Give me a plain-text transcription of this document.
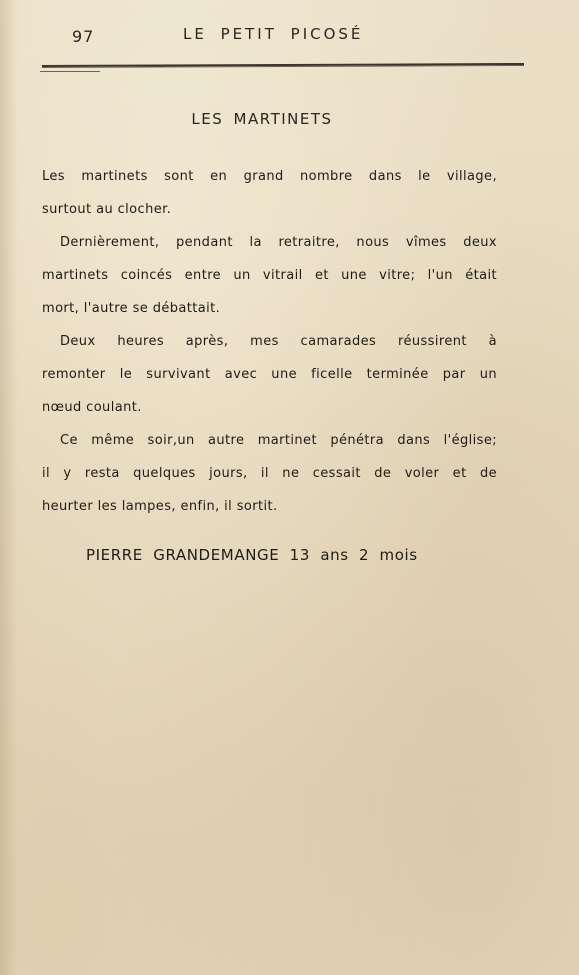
97	LE PETIT PICOSÉ
LES MARTINETS
Les martinets sont en grand nombre dans le village,
surtout au clocher.
Dernièrement, pendant la retraitre, nous vîmes deux
martinets coincés entre un vitrail et une vitre; l'un était
mort, l'autre se débattait.
Deux heures après, mes camarades réussirent à
remonter le survivant avec une ficelle terminée par un
nœud coulant.
Ce même soir,un autre martinet pénétra dans l'église;
il y resta quelques jours, il ne cessait de voler et de
heurter les lampes, enfin, il sortit.
PIERRE GRANDEMANGE 13 ans 2 mois
